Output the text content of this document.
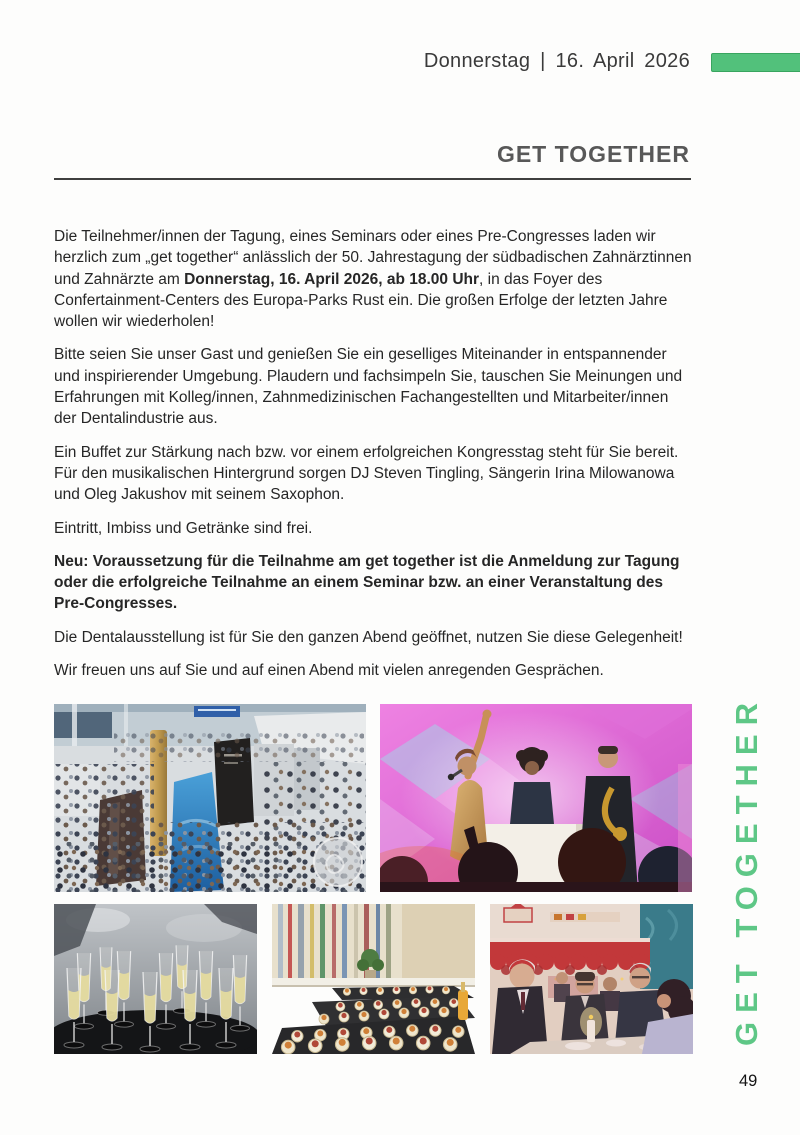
Donnerstag | 16. April 2026
GET TOGETHER

Die Teilnehmer/innen der Tagung, eines Seminars oder eines Pre-Congresses laden wir herzlich zum „get together“ anlässlich der 50. Jahrestagung der südbadischen Zahnärztinnen und Zahnärzte am Donnerstag, 16. April 2026, ab 18.00 Uhr, in das Foyer des Confertainment-Centers des Europa-Parks Rust ein. Die großen Erfolge der letzten Jahre wollen wir wiederholen!

Bitte seien Sie unser Gast und genießen Sie ein geselliges Miteinander in entspannender und inspirierender Umgebung. Plaudern und fachsimpeln Sie, tauschen Sie Meinungen und Erfahrungen mit Kolleg/innen, Zahnmedizinischen Fachangestellten und Mitarbeiter/innen der Dentalindustrie aus.

Ein Buffet zur Stärkung nach bzw. vor einem erfolgreichen Kongresstag steht für Sie bereit. Für den musikalischen Hintergrund sorgen DJ Steven Tingling, Sängerin Irina Milowanowa und Oleg Jakushov mit seinem Saxophon.

Eintritt, Imbiss und Getränke sind frei.

Neu: Voraussetzung für die Teilnahme am get together ist die Anmeldung zur Tagung oder die erfolgreiche Teilnahme an einem Seminar bzw. an einer Veranstaltung des Pre-Congresses.

Die Dentalausstellung ist für Sie den ganzen Abend geöffnet, nutzen Sie diese Gelegenheit!

Wir freuen uns auf Sie und auf einen Abend mit vielen anregenden Gesprächen.

GET TOGETHER
49
